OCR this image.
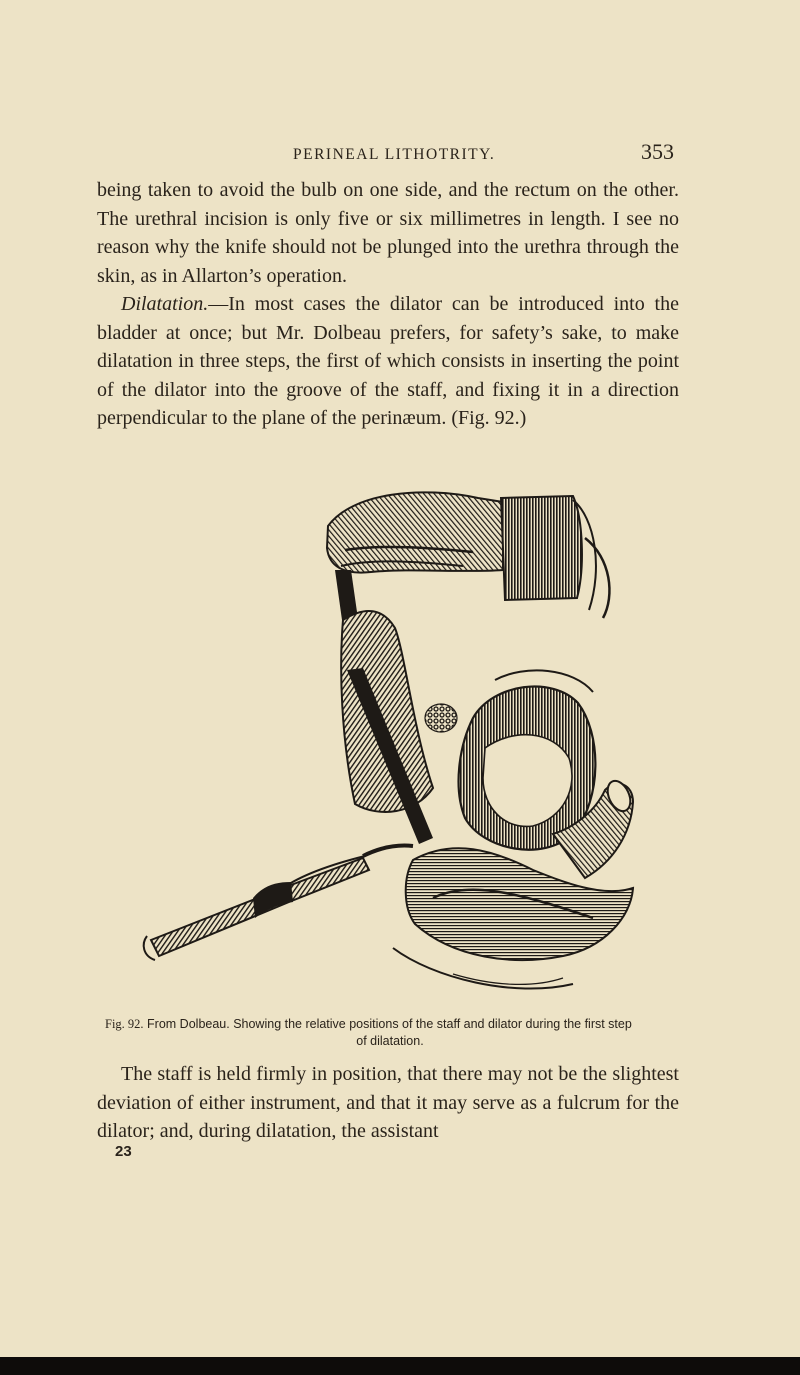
PERINEAL LITHOTRITY.	353

being taken to avoid the bulb on one side, and the rectum on the other. The urethral incision is only five or six millimetres in length. I see no reason why the knife should not be plunged into the urethra through the skin, as in Allarton’s operation.

Dilatation.—In most cases the dilator can be introduced into the bladder at once; but Mr. Dolbeau prefers, for safety’s sake, to make dilatation in three steps, the first of which consists in inserting the point of the dilator into the groove of the staff, and fixing it in a direction perpendicular to the plane of the perinæum. (Fig. 92.)

Fig. 92. From Dolbeau. Showing the relative positions of the staff and dilator during the first step
of dilatation.

The staff is held firmly in position, that there may not be the slightest deviation of either instrument, and that it may serve as a fulcrum for the dilator; and, during dilatation, the assistant

23
